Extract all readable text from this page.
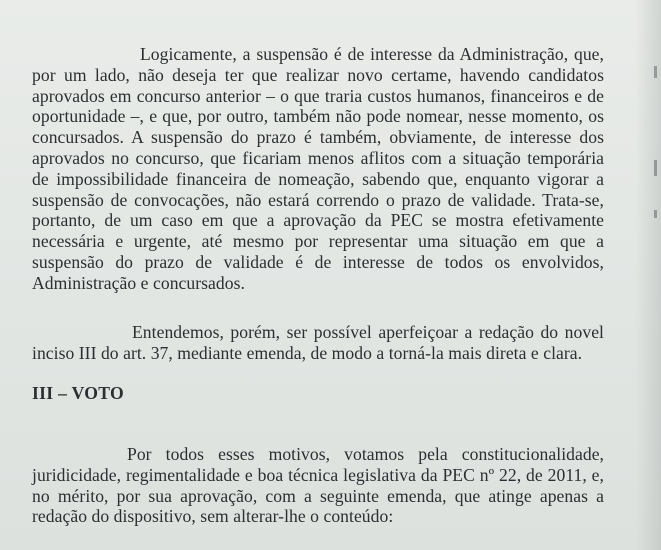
Logicamente, a suspensão é de interesse da Administração, que, por um lado, não deseja ter que realizar novo certame, havendo candidatos aprovados em concurso anterior – o que traria custos humanos, financeiros e de oportunidade –, e que, por outro, também não pode nomear, nesse momento, os concursados. A suspensão do prazo é também, obviamente, de interesse dos aprovados no concurso, que ficariam menos aflitos com a situação temporária de impossibilidade financeira de nomeação, sabendo que, enquanto vigorar a suspensão de convocações, não estará correndo o prazo de validade. Trata-se, portanto, de um caso em que a aprovação da PEC se mostra efetivamente necessária e urgente, até mesmo por representar uma situação em que a suspensão do prazo de validade é de interesse de todos os envolvidos, Administração e concursados.

Entendemos, porém, ser possível aperfeiçoar a redação do novel inciso III do art. 37, mediante emenda, de modo a torná-la mais direta e clara.

III – VOTO

Por todos esses motivos, votamos pela constitucionalidade, juridicidade, regimentalidade e boa técnica legislativa da PEC nº 22, de 2011, e, no mérito, por sua aprovação, com a seguinte emenda, que atinge apenas a redação do dispositivo, sem alterar-lhe o conteúdo:
